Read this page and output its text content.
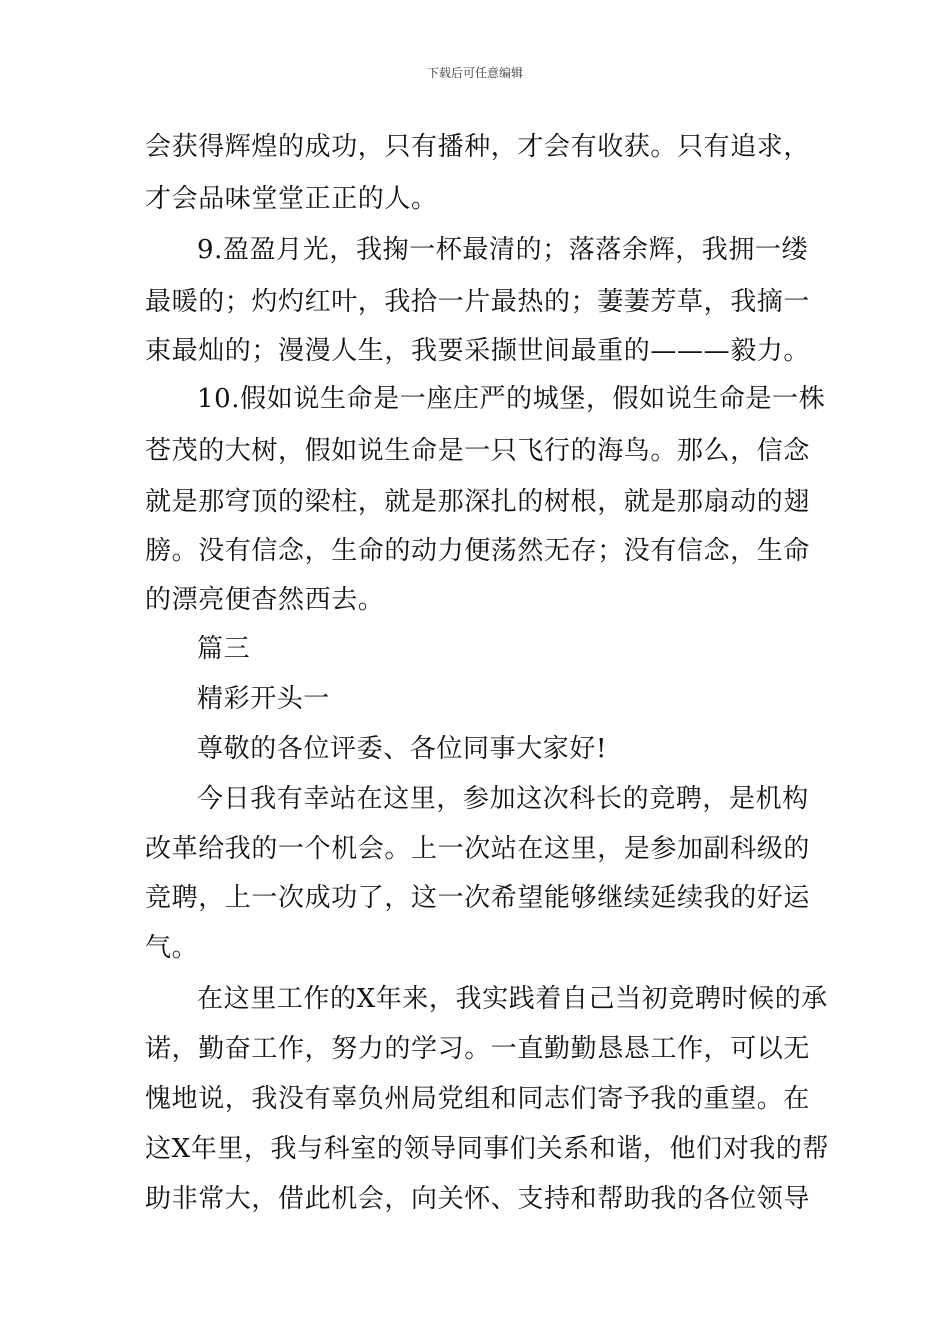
下载后可任意编辑
会获得辉煌的成功，只有播种，才会有收获。只有追求，
才会品味堂堂正正的人。
9.盈盈月光，我掬一杯最清的；落落余辉，我拥一缕
最暖的；灼灼红叶，我拾一片最热的；萋萋芳草，我摘一
束最灿的；漫漫人生，我要采撷世间最重的———毅力。
10.假如说生命是一座庄严的城堡，假如说生命是一株
苍茂的大树，假如说生命是一只飞行的海鸟。那么，信念
就是那穹顶的梁柱，就是那深扎的树根，就是那扇动的翅
膀。没有信念，生命的动力便荡然无存；没有信念，生命
的漂亮便杳然西去。
篇三
精彩开头一
尊敬的各位评委、各位同事大家好!
今日我有幸站在这里，参加这次科长的竞聘，是机构
改革给我的一个机会。上一次站在这里，是参加副科级的
竞聘，上一次成功了，这一次希望能够继续延续我的好运
气。
在这里工作的X年来，我实践着自己当初竞聘时候的承
诺，勤奋工作，努力的学习。一直勤勤恳恳工作，可以无
愧地说，我没有辜负州局党组和同志们寄予我的重望。在
这X年里，我与科室的领导同事们关系和谐，他们对我的帮
助非常大，借此机会，向关怀、支持和帮助我的各位领导
